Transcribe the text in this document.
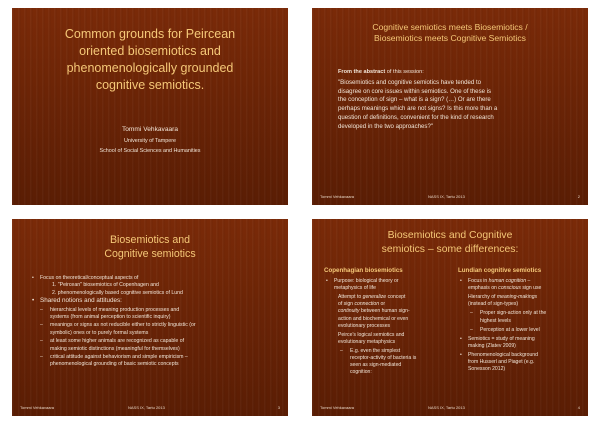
Common grounds for Peircean
oriented biosemiotics and
phenomenologically grounded
cognitive semiotics.
Tommi Vehkavaara
University of Tampere
School of Social Sciences and Humanities
Cognitive semiotics meets Biosemiotics /
Biosemiotics meets Cognitive Semiotics
From the abstract of this session:
"Biosemiotics and cognitive semiotics have tended to
disagree on core issues within semiotics. One of these is
the conception of sign – what is a sign? (…) Or are there
perhaps meanings which are not signs? Is this more than a
question of definitions, convenient for the kind of research
developed in the two approaches?"
Tommi Vehkavaara	NASS IX, Tartu 2013	2
Biosemiotics and
Cognitive semiotics
• Focus on theoretical/conceptual aspects of
1. "Peircean" biosemiotics of Copenhagen and
2. phenomenologically based cognitive semiotics of Lund
• Shared notions and attitudes:
– hierarchical levels of meaning production processes and
systems (from animal perception to scientific inquiry)
– meanings or signs as not reducible either to strictly linguistic (or
symbolic) ones or to purely formal systems
– at least some higher animals are recognized as capable of
making semiotic distinctions (meaningful for themselves)
– critical attitude against behaviorism and simple empiricism –
phenomenological grounding of basic semiotic concepts
Tommi Vehkavaara	NASS IX, Tartu 2013	3
Biosemiotics and Cognitive
semiotics – some differences:
Copenhagian biosemiotics
• Purpose: biological theory or
metaphysics of life
Attempt to generalize concept
of sign connection or
continuity between human sign-
action and biochemical or even
evolutionary processes
Peirce's logical semiotics and
evolutionary metaphysics
– E.g. even the simplest
receptor-activity of bacteria is
seen as sign-mediated
cognition:
Lundian cognitive semiotics
• Focus in human cognition –
emphasis on conscious sign use
Hierarchy of meaning-makings
(instead of sign-types)
– Proper sign-action only at the
highest levels
– Perception at a lower level
• Semiotics = study of meaning
making (Zlatev 2009)
• Phenomenological background
from Husserl and Piaget (e.g.
Sonesson 2012)
Tommi Vehkavaara	NASS IX, Tartu 2013	4
